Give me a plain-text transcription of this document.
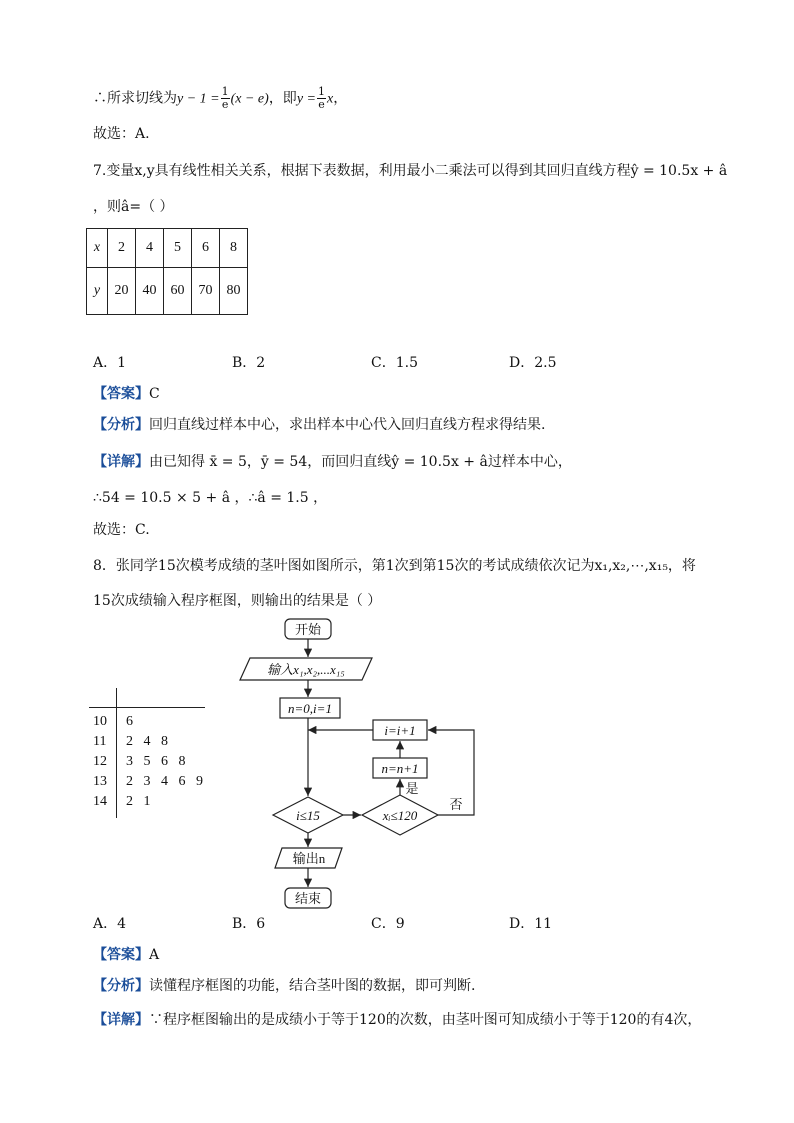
∴所求切线为$y - 1 = \frac{1}{e} (x - e)$，即$y = \frac{1}{e}$ x，
故选：A.
7.变量x,y具有线性相关关系，根据下表数据，利用最小二乘法可以得到其回归直线方程ŷ = 10.5x + â
，则â=（ ）
x	2	4	5	6	8
y	20	40	60	70	80
A．1	B．2	C．1.5	D．2.5
【答案】C
【分析】回归直线过样本中心，求出样本中心代入回归直线方程求得结果.
【详解】由已知得 x̄ = 5，ȳ = 54，而回归直线ŷ = 10.5x + â过样本中心，
∴54 = 10.5 × 5 + â ，∴â = 1.5 ，
故选：C.
8．张同学15次模考成绩的茎叶图如图所示，第1次到第15次的考试成绩依次记为x₁,x₂,⋯,x₁₅，将
15次成绩输入程序框图，则输出的结果是（ ）
10 6
11 2   4   8
12 3   5   6   8
13 2   3   4   6   9
14 2   1
开始
输入x₁,x₂,...x₁₅
n=0,i=1
i=i+1
n=n+1
i≤15	xᵢ≤120
是
否
输出n
结束
A．4	B．6	C．9	D．11
【答案】A
【分析】读懂程序框图的功能，结合茎叶图的数据，即可判断.
【详解】∵程序框图输出的是成绩小于等于120的次数，由茎叶图可知成绩小于等于120的有4次，
